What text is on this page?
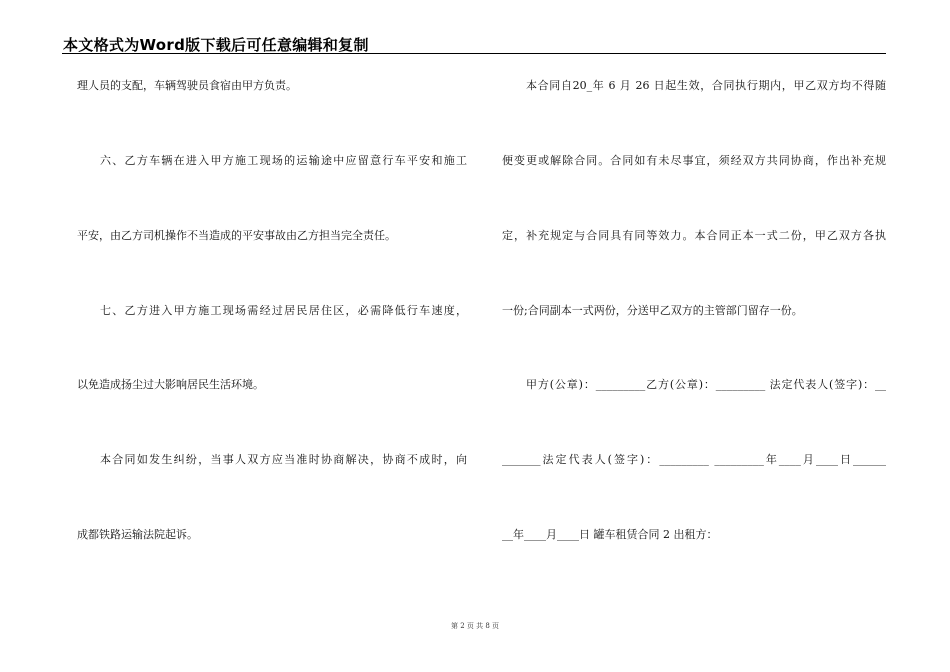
本文格式为Word版下载后可任意编辑和复制
理人员的支配，车辆驾驶员食宿由甲方负责。
六、乙方车辆在进入甲方施工现场的运输途中应留意行车平安和施工
平安，由乙方司机操作不当造成的平安事故由乙方担当完全责任。
七、乙方进入甲方施工现场需经过居民居住区，必需降低行车速度，
以免造成扬尘过大影响居民生活环境。
本合同如发生纠纷，当事人双方应当准时协商解决，协商不成时，向
成都铁路运输法院起诉。
本合同自20_年 6 月 26 日起生效，合同执行期内，甲乙双方均不得随
便变更或解除合同。合同如有未尽事宜，须经双方共同协商，作出补充规
定，补充规定与合同具有同等效力。本合同正本一式二份，甲乙双方各执
一份;合同副本一式两份，分送甲乙双方的主管部门留存一份。
甲方(公章)：_________乙方(公章)：_________ 法定代表人(签字)：__
_______法定代表人(签字)：_________ _________年____月____日______
__年____月____日 罐车租赁合同 2 出租方：
第 2 页 共 8 页
